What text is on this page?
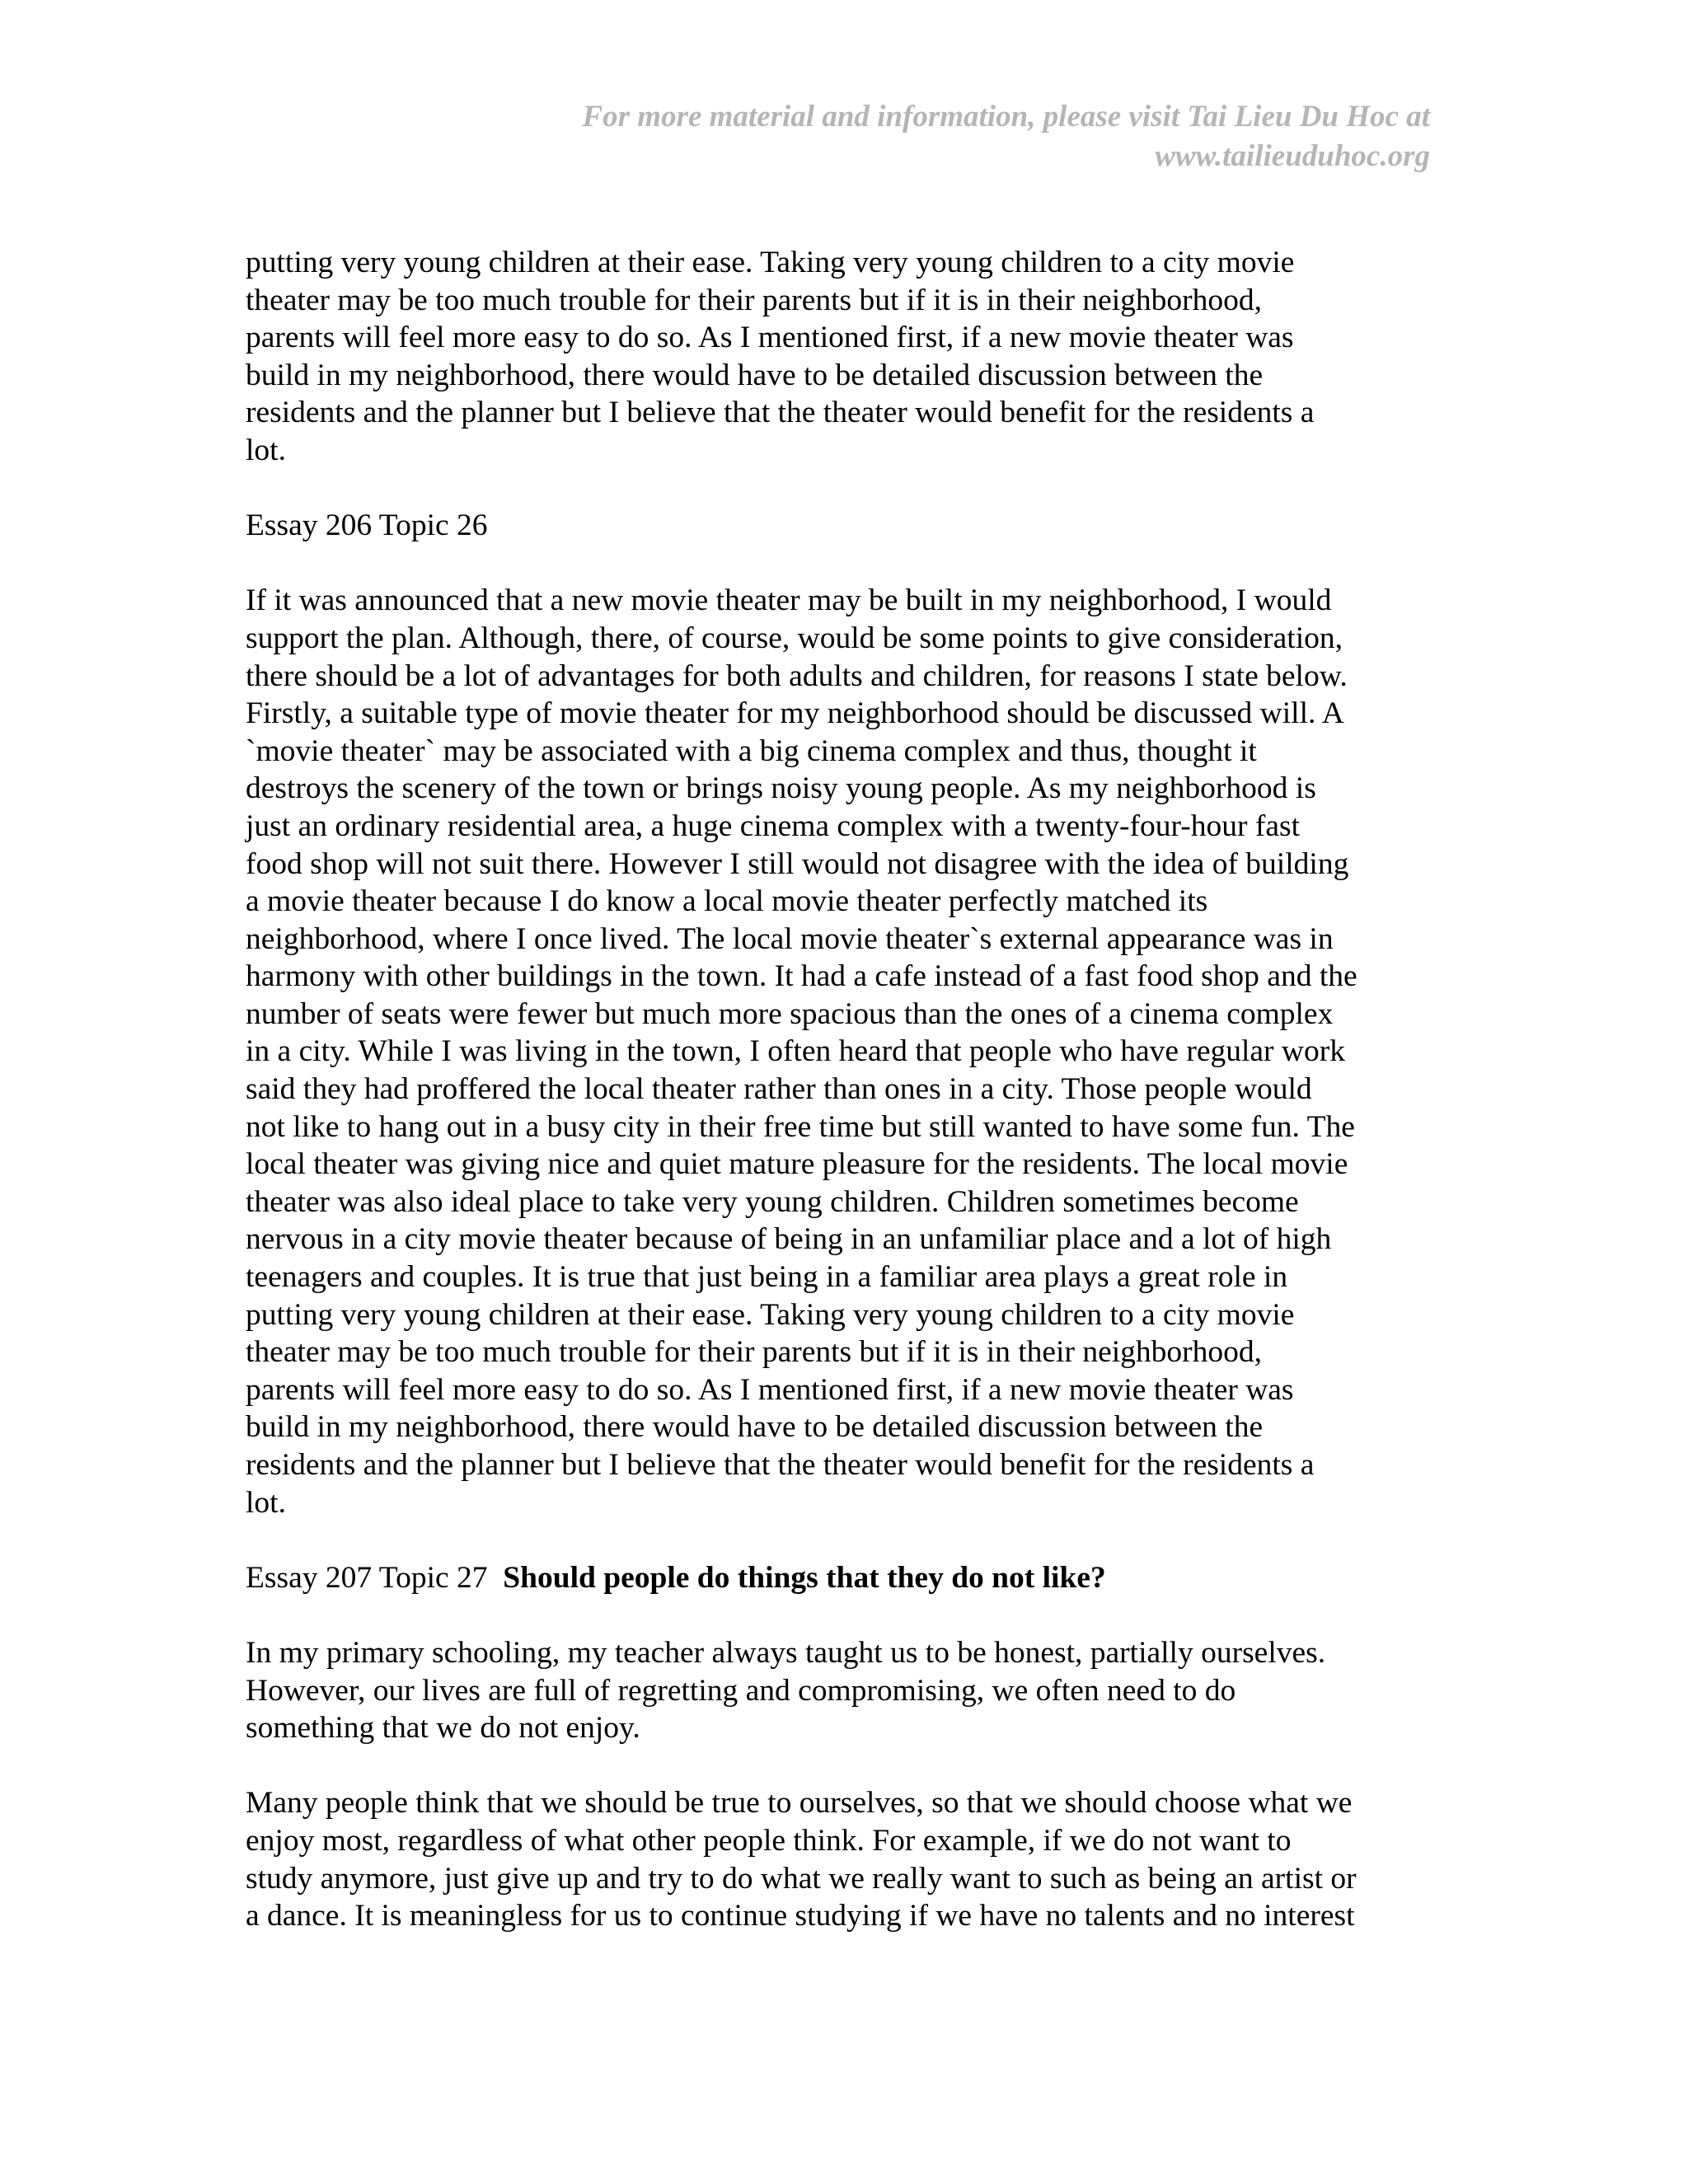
For more material and information, please visit Tai Lieu Du Hoc at
www.tailieuduhoc.org
putting very young children at their ease. Taking very young children to a city movie
theater may be too much trouble for their parents but if it is in their neighborhood,
parents will feel more easy to do so. As I mentioned first, if a new movie theater was
build in my neighborhood, there would have to be detailed discussion between the
residents and the planner but I believe that the theater would benefit for the residents a
lot.
Essay 206 Topic 26
If it was announced that a new movie theater may be built in my neighborhood, I would
support the plan. Although, there, of course, would be some points to give consideration,
there should be a lot of advantages for both adults and children, for reasons I state below.
Firstly, a suitable type of movie theater for my neighborhood should be discussed will. A
`movie theater` may be associated with a big cinema complex and thus, thought it
destroys the scenery of the town or brings noisy young people. As my neighborhood is
just an ordinary residential area, a huge cinema complex with a twenty-four-hour fast
food shop will not suit there. However I still would not disagree with the idea of building
a movie theater because I do know a local movie theater perfectly matched its
neighborhood, where I once lived. The local movie theater`s external appearance was in
harmony with other buildings in the town. It had a cafe instead of a fast food shop and the
number of seats were fewer but much more spacious than the ones of a cinema complex
in a city. While I was living in the town, I often heard that people who have regular work
said they had proffered the local theater rather than ones in a city. Those people would
not like to hang out in a busy city in their free time but still wanted to have some fun. The
local theater was giving nice and quiet mature pleasure for the residents. The local movie
theater was also ideal place to take very young children. Children sometimes become
nervous in a city movie theater because of being in an unfamiliar place and a lot of high
teenagers and couples. It is true that just being in a familiar area plays a great role in
putting very young children at their ease. Taking very young children to a city movie
theater may be too much trouble for their parents but if it is in their neighborhood,
parents will feel more easy to do so. As I mentioned first, if a new movie theater was
build in my neighborhood, there would have to be detailed discussion between the
residents and the planner but I believe that the theater would benefit for the residents a
lot.
Essay 207 Topic 27 Should people do things that they do not like?
In my primary schooling, my teacher always taught us to be honest, partially ourselves.
However, our lives are full of regretting and compromising, we often need to do
something that we do not enjoy.
Many people think that we should be true to ourselves, so that we should choose what we
enjoy most, regardless of what other people think. For example, if we do not want to
study anymore, just give up and try to do what we really want to such as being an artist or
a dance. It is meaningless for us to continue studying if we have no talents and no interest
